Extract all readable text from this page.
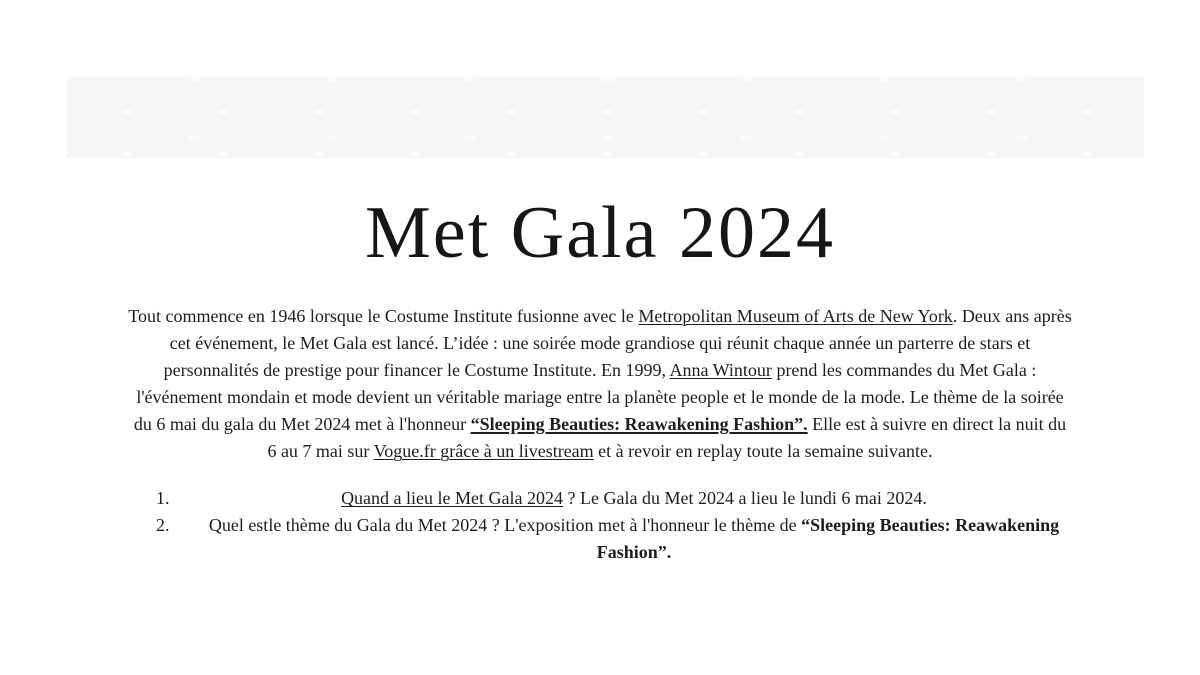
Met Gala 2024

Tout commence en 1946 lorsque le Costume Institute fusionne avec le Metropolitan Museum of Arts de New York. Deux ans après cet événement, le Met Gala est lancé. L’idée : une soirée mode grandiose qui réunit chaque année un parterre de stars et personnalités de prestige pour financer le Costume Institute. En 1999, Anna Wintour prend les commandes du Met Gala : l'événement mondain et mode devient un véritable mariage entre la planète people et le monde de la mode. Le thème de la soirée du 6 mai du gala du Met 2024 met à l'honneur “Sleeping Beauties: Reawakening Fashion”. Elle est à suivre en direct la nuit du 6 au 7 mai sur Vogue.fr grâce à un livestream et à revoir en replay toute la semaine suivante.

1.	Quand a lieu le Met Gala 2024 ? Le Gala du Met 2024 a lieu le lundi 6 mai 2024.
2. Quel estle thème du Gala du Met 2024 ? L'exposition met à l'honneur le thème de “Sleeping Beauties: Reawakening Fashion”.
